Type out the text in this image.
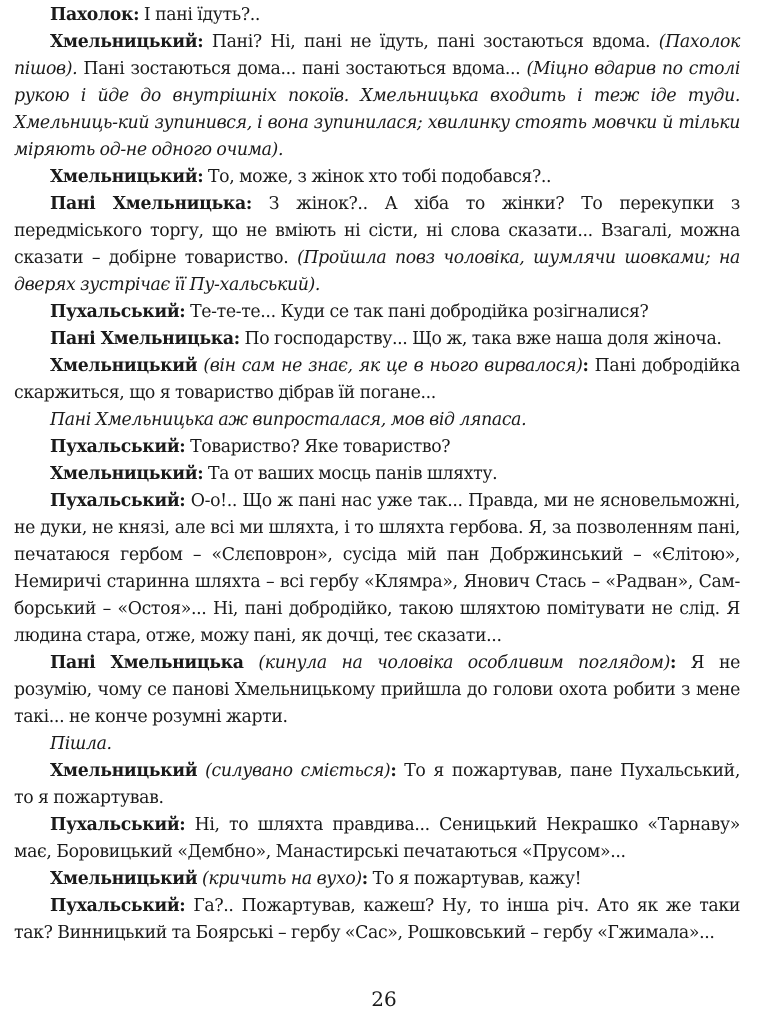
Пахолок: І пані їдуть?..

Хмельницький: Пані? Ні, пані не їдуть, пані зостаються вдома. (Пахолок пішов). Пані зостаються дома... пані зостаються вдома... (Міцно вдарив по столі рукою і йде до внутрішніх покоїв. Хмельницька входить і теж іде туди. Хмельниць-кий зупинився, і вона зупинилася; хвилинку стоять мовчки й тільки міряють од-не одного очима).

Хмельницький: То, може, з жінок хто тобі подобався?..

Пані Хмельницька: З жінок?.. А хіба то жінки? То перекупки з передміського торгу, що не вміють ні сісти, ні слова сказати... Взагалі, можна сказати – добірне товариство. (Пройшла повз чоловіка, шумлячи шовками; на дверях зустрічає її Пу-хальський).

Пухальський: Те-те-те... Куди се так пані добродійка розігналися?

Пані Хмельницька: По господарству... Що ж, така вже наша доля жіноча.

Хмельницький (він сам не знає, як це в нього вирвалося): Пані добродійка скаржиться, що я товариство дібрав їй погане...

Пані Хмельницька аж випросталася, мов від ляпаса.

Пухальський: Товариство? Яке товариство?

Хмельницький: Та от ваших мосць панів шляхту.

Пухальський: О-о!.. Що ж пані нас уже так... Правда, ми не ясновельможні, не дуки, не князі, але всі ми шляхта, і то шляхта гербова. Я, за позволенням пані, печатаюся гербом – «Слєповрон», сусіда мій пан Добржинський – «Єлітою», Немиричі старинна шляхта – всі гербу «Клямра», Янович Стась – «Радван», Сам-борський – «Остоя»... Ні, пані добродійко, такою шляхтою помітувати не слід. Я людина стара, отже, можу пані, як дочці, теє сказати...

Пані Хмельницька (кинула на чоловіка особливим поглядом): Я не розумію, чому се панові Хмельницькому прийшла до голови охота робити з мене такі... не конче розумні жарти.

Пішла.

Хмельницький (силувано сміється): То я пожартував, пане Пухальський, то я пожартував.

Пухальський: Ні, то шляхта правдива... Сеницький Некрашко «Тарнаву» має, Боровицький «Дембно», Манастирські печатаються «Прусом»...

Хмельницький (кричить на вухо): То я пожартував, кажу!

Пухальський: Га?.. Пожартував, кажеш? Ну, то інша річ. Ато як же таки так? Винницький та Боярські – гербу «Сас», Рошковський – гербу «Гжимала»...

26
